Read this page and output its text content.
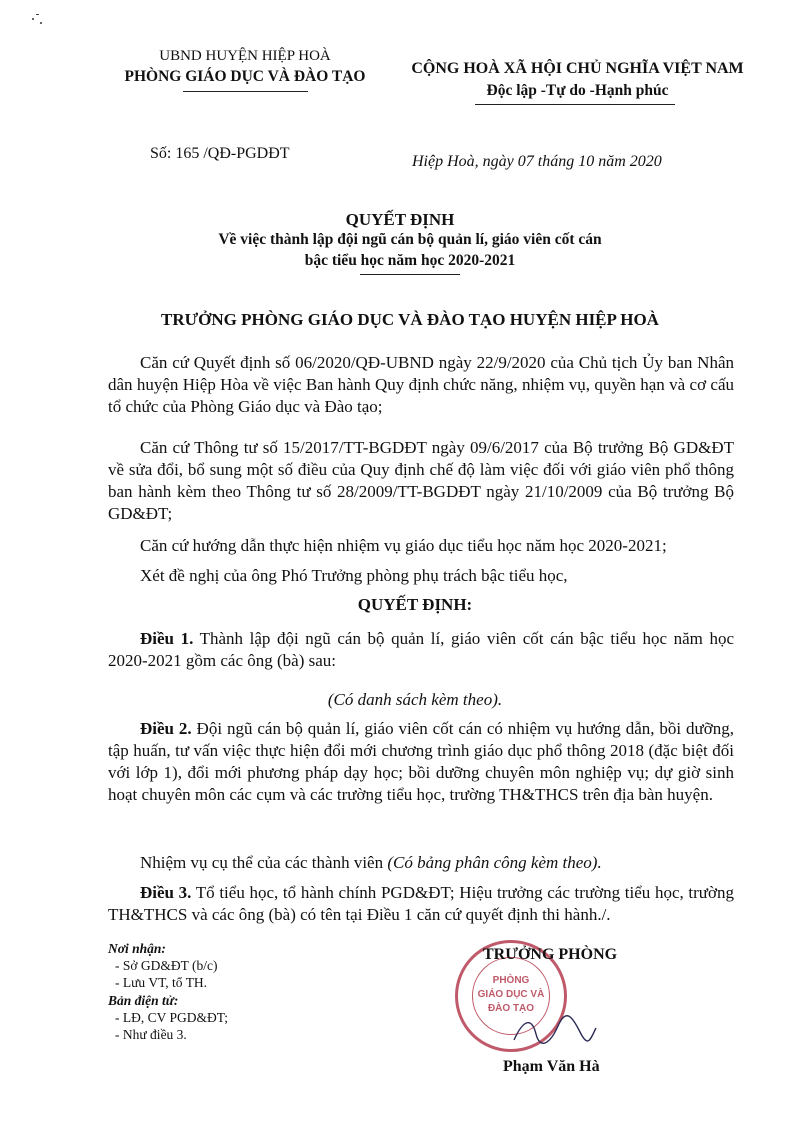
UBND HUYỆN HIỆP HOÀ
PHÒNG GIÁO DỤC VÀ ĐÀO TẠO	CỘNG HOÀ XÃ HỘI CHỦ NGHĨA VIỆT NAM
Độc lập -Tự do -Hạnh phúc
Số: 165 /QĐ-PGDĐT	Hiệp Hoà, ngày 07 tháng 10 năm 2020
QUYẾT ĐỊNH
Về việc thành lập đội ngũ cán bộ quản lí, giáo viên cốt cán
bậc tiểu học năm học 2020-2021
TRƯỞNG PHÒNG GIÁO DỤC VÀ ĐÀO TẠO HUYỆN HIỆP HOÀ

Căn cứ Quyết định số 06/2020/QĐ-UBND ngày 22/9/2020 của Chủ tịch Ủy ban Nhân dân huyện Hiệp Hòa về việc Ban hành Quy định chức năng, nhiệm vụ, quyền hạn và cơ cấu tổ chức của Phòng Giáo dục và Đào tạo;

Căn cứ Thông tư số 15/2017/TT-BGDĐT ngày 09/6/2017 của Bộ trưởng Bộ GD&ĐT về sửa đổi, bổ sung một số điều của Quy định chế độ làm việc đối với giáo viên phổ thông ban hành kèm theo Thông tư số 28/2009/TT-BGDĐT ngày 21/10/2009 của Bộ trưởng Bộ GD&ĐT;

Căn cứ hướng dẫn thực hiện nhiệm vụ giáo dục tiểu học năm học 2020-2021;

Xét đề nghị của ông Phó Trưởng phòng phụ trách bậc tiểu học,

QUYẾT ĐỊNH:

Điều 1. Thành lập đội ngũ cán bộ quản lí, giáo viên cốt cán bậc tiểu học năm học 2020-2021 gồm các ông (bà) sau:

(Có danh sách kèm theo).

Điều 2. Đội ngũ cán bộ quản lí, giáo viên cốt cán có nhiệm vụ hướng dẫn, bồi dưỡng, tập huấn, tư vấn việc thực hiện đổi mới chương trình giáo dục phổ thông 2018 (đặc biệt đối với lớp 1), đổi mới phương pháp dạy học; bồi dưỡng chuyên môn nghiệp vụ; dự giờ sinh hoạt chuyên môn các cụm và các trường tiểu học, trường TH&THCS trên địa bàn huyện.

Nhiệm vụ cụ thể của các thành viên (Có bảng phân công kèm theo).

Điều 3. Tổ tiểu học, tổ hành chính PGD&ĐT; Hiệu trưởng các trường tiểu học, trường TH&THCS và các ông (bà) có tên tại Điều 1 căn cứ quyết định thi hành./.

Nơi nhận:
- Sở GD&ĐT (b/c)
- Lưu VT, tổ TH.
Bản điện tử:
- LĐ, CV PGD&ĐT;
- Như điều 3.
PHÒNG
GIÁO DỤC VÀ
ĐÀO TẠO
TRƯỞNG PHÒNG
Phạm Văn Hà
